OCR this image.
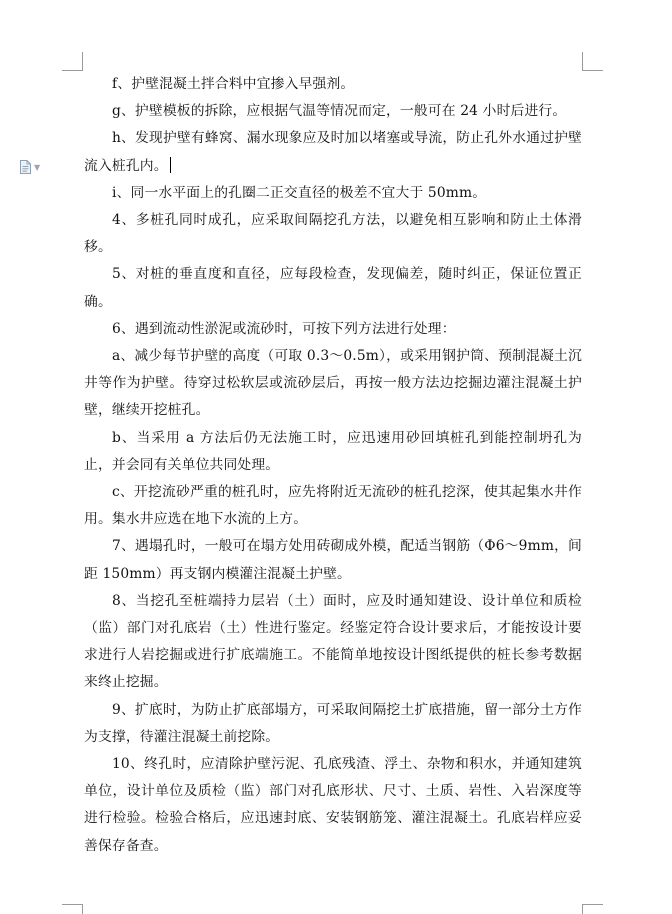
▼

f、护壁混凝土拌合料中宜掺入早强剂。

g、护壁模板的拆除，应根据气温等情况而定，一般可在 24 小时后进行。

h、发现护壁有蜂窝、漏水现象应及时加以堵塞或导流，防止孔外水通过护壁流入桩孔内。

i、同一水平面上的孔圈二正交直径的极差不宜大于 50mm。

4、多桩孔同时成孔，应采取间隔挖孔方法，以避免相互影响和防止土体滑移。

5、对桩的垂直度和直径，应每段检查，发现偏差，随时纠正，保证位置正确。

6、遇到流动性淤泥或流砂时，可按下列方法进行处理：

a、减少每节护壁的高度（可取 0.3～0.5m），或采用钢护筒、预制混凝土沉井等作为护壁。待穿过松软层或流砂层后，再按一般方法边挖掘边灌注混凝土护壁，继续开挖桩孔。

b、当采用 a 方法后仍无法施工时，应迅速用砂回填桩孔到能控制坍孔为止，并会同有关单位共同处理。

c、开挖流砂严重的桩孔时，应先将附近无流砂的桩孔挖深，使其起集水井作用。集水井应选在地下水流的上方。

7、遇塌孔时，一般可在塌方处用砖砌成外模，配适当钢筋（Φ6～9mm，间距 150mm）再支钢内模灌注混凝土护壁。

8、当挖孔至桩端持力层岩（土）面时，应及时通知建设、设计单位和质检（监）部门对孔底岩（土）性进行鉴定。经鉴定符合设计要求后，才能按设计要求进行人岩挖掘或进行扩底端施工。不能简单地按设计图纸提供的桩长参考数据来终止挖掘。

9、扩底时，为防止扩底部塌方，可采取间隔挖土扩底措施，留一部分土方作为支撑，待灌注混凝土前挖除。

10、终孔时，应清除护壁污泥、孔底残渣、浮土、杂物和积水，并通知建筑单位，设计单位及质检（监）部门对孔底形状、尺寸、土质、岩性、入岩深度等进行检验。检验合格后，应迅速封底、安装钢筋笼、灌注混凝土。孔底岩样应妥善保存备查。
